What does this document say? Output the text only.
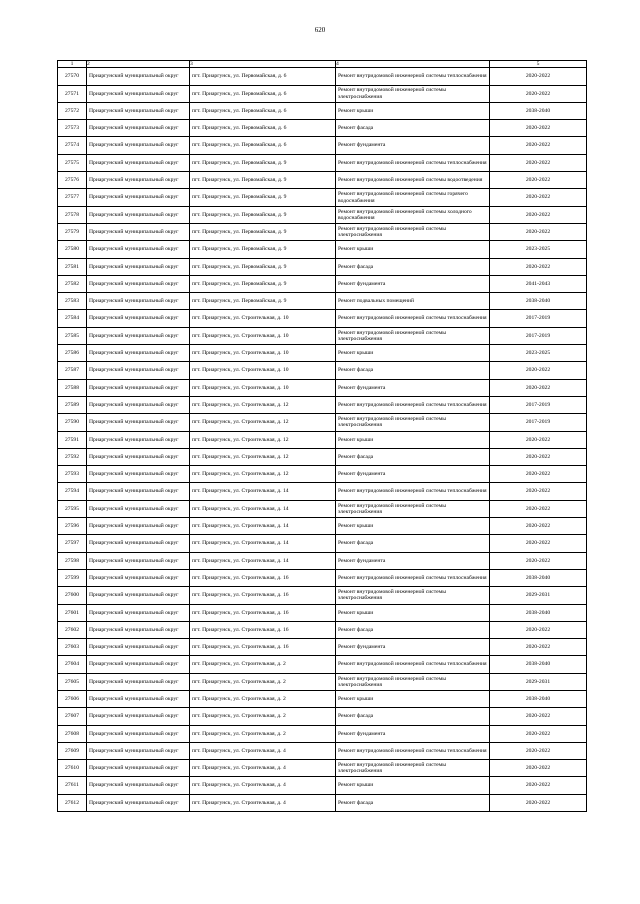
620
1	2	3	4	5
27570	Приаргунский муниципальный округ	пгт. Приаргунск, ул. Первомайская, д. 6	Ремонт внутридомовой инженерной системы теплоснабжения	2020-2022
27571	Приаргунский муниципальный округ	пгт. Приаргунск, ул. Первомайская, д. 6	Ремонт внутридомовой инженерной системы электроснабжения	2020-2022
27572	Приаргунский муниципальный округ	пгт. Приаргунск, ул. Первомайская, д. 6	Ремонт крыши	2038-2040
27573	Приаргунский муниципальный округ	пгт. Приаргунск, ул. Первомайская, д. 6	Ремонт фасада	2020-2022
27574	Приаргунский муниципальный округ	пгт. Приаргунск, ул. Первомайская, д. 6	Ремонт фундамента	2020-2022
27575	Приаргунский муниципальный округ	пгт. Приаргунск, ул. Первомайская, д. 9	Ремонт внутридомовой инженерной системы теплоснабжения	2020-2022
27576	Приаргунский муниципальный округ	пгт. Приаргунск, ул. Первомайская, д. 9	Ремонт внутридомовой инженерной системы водоотведения	2020-2022
27577	Приаргунский муниципальный округ	пгт. Приаргунск, ул. Первомайская, д. 9	Ремонт внутридомовой инженерной системы горячего водоснабжения	2020-2022
27578	Приаргунский муниципальный округ	пгт. Приаргунск, ул. Первомайская, д. 9	Ремонт внутридомовой инженерной системы холодного водоснабжения	2020-2022
27579	Приаргунский муниципальный округ	пгт. Приаргунск, ул. Первомайская, д. 9	Ремонт внутридомовой инженерной системы электроснабжения	2020-2022
27580	Приаргунский муниципальный округ	пгт. Приаргунск, ул. Первомайская, д. 9	Ремонт крыши	2023-2025
27581	Приаргунский муниципальный округ	пгт. Приаргунск, ул. Первомайская, д. 9	Ремонт фасада	2020-2022
27582	Приаргунский муниципальный округ	пгт. Приаргунск, ул. Первомайская, д. 9	Ремонт фундамента	2041-2043
27583	Приаргунский муниципальный округ	пгт. Приаргунск, ул. Первомайская, д. 9	Ремонт подвальных помещений	2038-2040
27584	Приаргунский муниципальный округ	пгт. Приаргунск, ул. Строительная, д. 10	Ремонт внутридомовой инженерной системы теплоснабжения	2017-2019
27585	Приаргунский муниципальный округ	пгт. Приаргунск, ул. Строительная, д. 10	Ремонт внутридомовой инженерной системы электроснабжения	2017-2019
27586	Приаргунский муниципальный округ	пгт. Приаргунск, ул. Строительная, д. 10	Ремонт крыши	2023-2025
27587	Приаргунский муниципальный округ	пгт. Приаргунск, ул. Строительная, д. 10	Ремонт фасада	2020-2022
27588	Приаргунский муниципальный округ	пгт. Приаргунск, ул. Строительная, д. 10	Ремонт фундамента	2020-2022
27589	Приаргунский муниципальный округ	пгт. Приаргунск, ул. Строительная, д. 12	Ремонт внутридомовой инженерной системы теплоснабжения	2017-2019
27590	Приаргунский муниципальный округ	пгт. Приаргунск, ул. Строительная, д. 12	Ремонт внутридомовой инженерной системы электроснабжения	2017-2019
27591	Приаргунский муниципальный округ	пгт. Приаргунск, ул. Строительная, д. 12	Ремонт крыши	2020-2022
27592	Приаргунский муниципальный округ	пгт. Приаргунск, ул. Строительная, д. 12	Ремонт фасада	2020-2022
27593	Приаргунский муниципальный округ	пгт. Приаргунск, ул. Строительная, д. 12	Ремонт фундамента	2020-2022
27594	Приаргунский муниципальный округ	пгт. Приаргунск, ул. Строительная, д. 14	Ремонт внутридомовой инженерной системы теплоснабжения	2020-2022
27595	Приаргунский муниципальный округ	пгт. Приаргунск, ул. Строительная, д. 14	Ремонт внутридомовой инженерной системы электроснабжения	2020-2022
27596	Приаргунский муниципальный округ	пгт. Приаргунск, ул. Строительная, д. 14	Ремонт крыши	2020-2022
27597	Приаргунский муниципальный округ	пгт. Приаргунск, ул. Строительная, д. 14	Ремонт фасада	2020-2022
27598	Приаргунский муниципальный округ	пгт. Приаргунск, ул. Строительная, д. 14	Ремонт фундамента	2020-2022
27599	Приаргунский муниципальный округ	пгт. Приаргунск, ул. Строительная, д. 16	Ремонт внутридомовой инженерной системы теплоснабжения	2038-2040
27600	Приаргунский муниципальный округ	пгт. Приаргунск, ул. Строительная, д. 16	Ремонт внутридомовой инженерной системы электроснабжения	2029-2031
27601	Приаргунский муниципальный округ	пгт. Приаргунск, ул. Строительная, д. 16	Ремонт крыши	2038-2040
27602	Приаргунский муниципальный округ	пгт. Приаргунск, ул. Строительная, д. 16	Ремонт фасада	2020-2022
27603	Приаргунский муниципальный округ	пгт. Приаргунск, ул. Строительная, д. 16	Ремонт фундамента	2020-2022
27604	Приаргунский муниципальный округ	пгт. Приаргунск, ул. Строительная, д. 2	Ремонт внутридомовой инженерной системы теплоснабжения	2038-2040
27605	Приаргунский муниципальный округ	пгт. Приаргунск, ул. Строительная, д. 2	Ремонт внутридомовой инженерной системы электроснабжения	2029-2031
27606	Приаргунский муниципальный округ	пгт. Приаргунск, ул. Строительная, д. 2	Ремонт крыши	2038-2040
27607	Приаргунский муниципальный округ	пгт. Приаргунск, ул. Строительная, д. 2	Ремонт фасада	2020-2022
27608	Приаргунский муниципальный округ	пгт. Приаргунск, ул. Строительная, д. 2	Ремонт фундамента	2020-2022
27609	Приаргунский муниципальный округ	пгт. Приаргунск, ул. Строительная, д. 4	Ремонт внутридомовой инженерной системы теплоснабжения	2020-2022
27610	Приаргунский муниципальный округ	пгт. Приаргунск, ул. Строительная, д. 4	Ремонт внутридомовой инженерной системы электроснабжения	2020-2022
27611	Приаргунский муниципальный округ	пгт. Приаргунск, ул. Строительная, д. 4	Ремонт крыши	2020-2022
27612	Приаргунский муниципальный округ	пгт. Приаргунск, ул. Строительная, д. 4	Ремонт фасада	2020-2022
